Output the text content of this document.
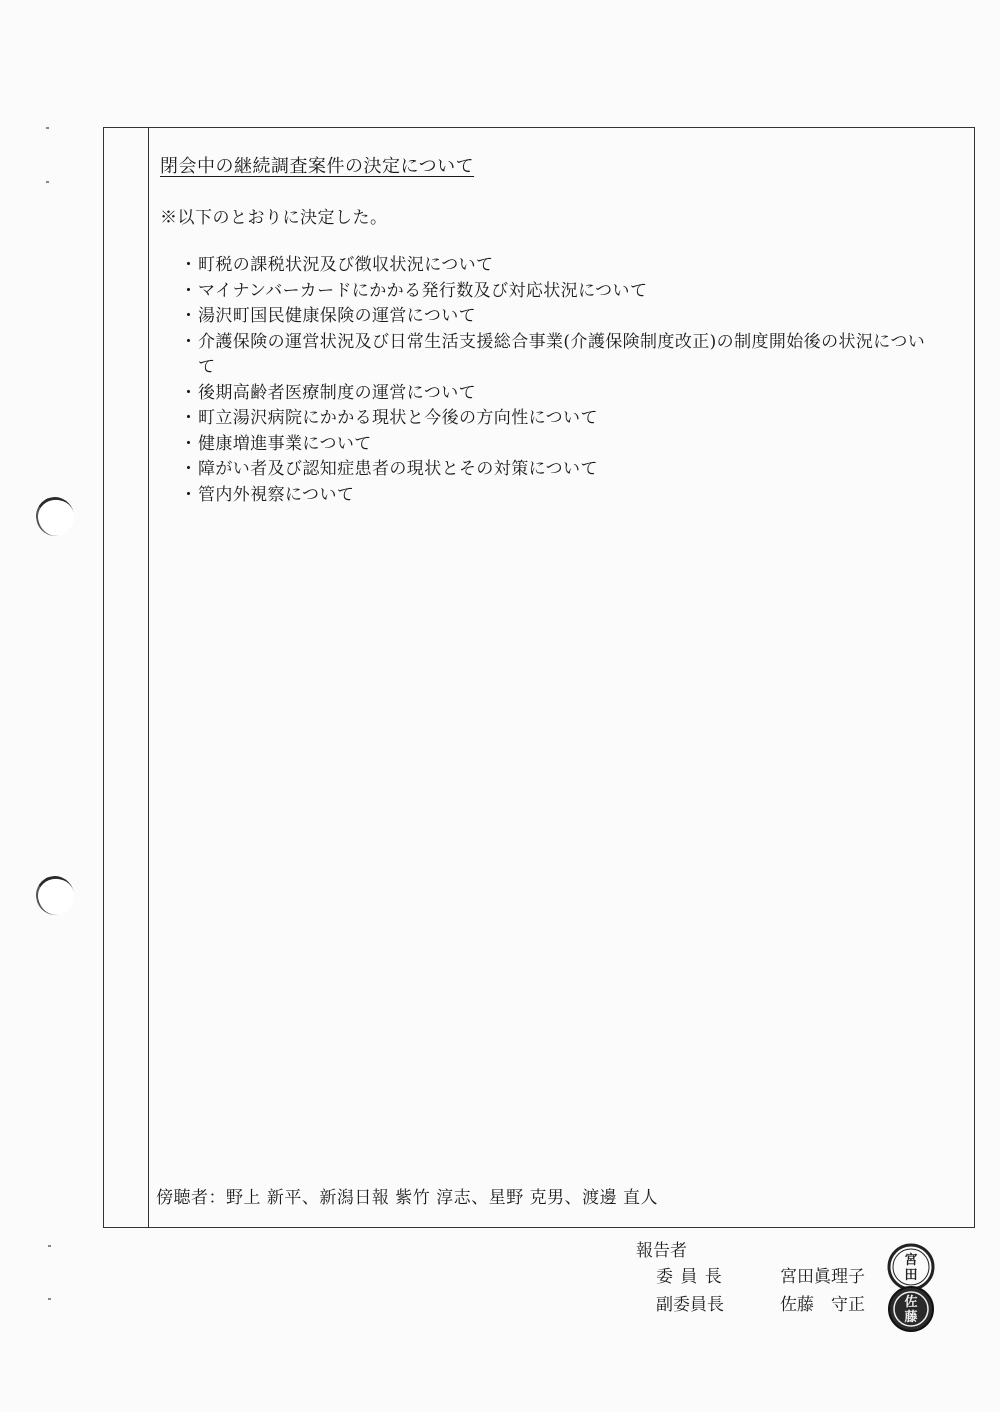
閉会中の継続調査案件の決定について
※以下のとおりに決定した。
・ 町税の課税状況及び徴収状況について
・ マイナンバーカードにかかる発行数及び対応状況について
・ 湯沢町国民健康保険の運営について
・ 介護保険の運営状況及び日常生活支援総合事業(介護保険制度改正)の制度開始後の状況について
・ 後期高齢者医療制度の運営について
・ 町立湯沢病院にかかる現状と今後の方向性について
・ 健康増進事業について
・ 障がい者及び認知症患者の現状とその対策について
・ 管内外視察について
傍聴者：野上 新平、新潟日報 紫竹 淳志、星野 克男、渡邊 直人
報告者
委 員 長	宮田眞理子
副委員長	佐藤　守正
宮
田
佐
藤
